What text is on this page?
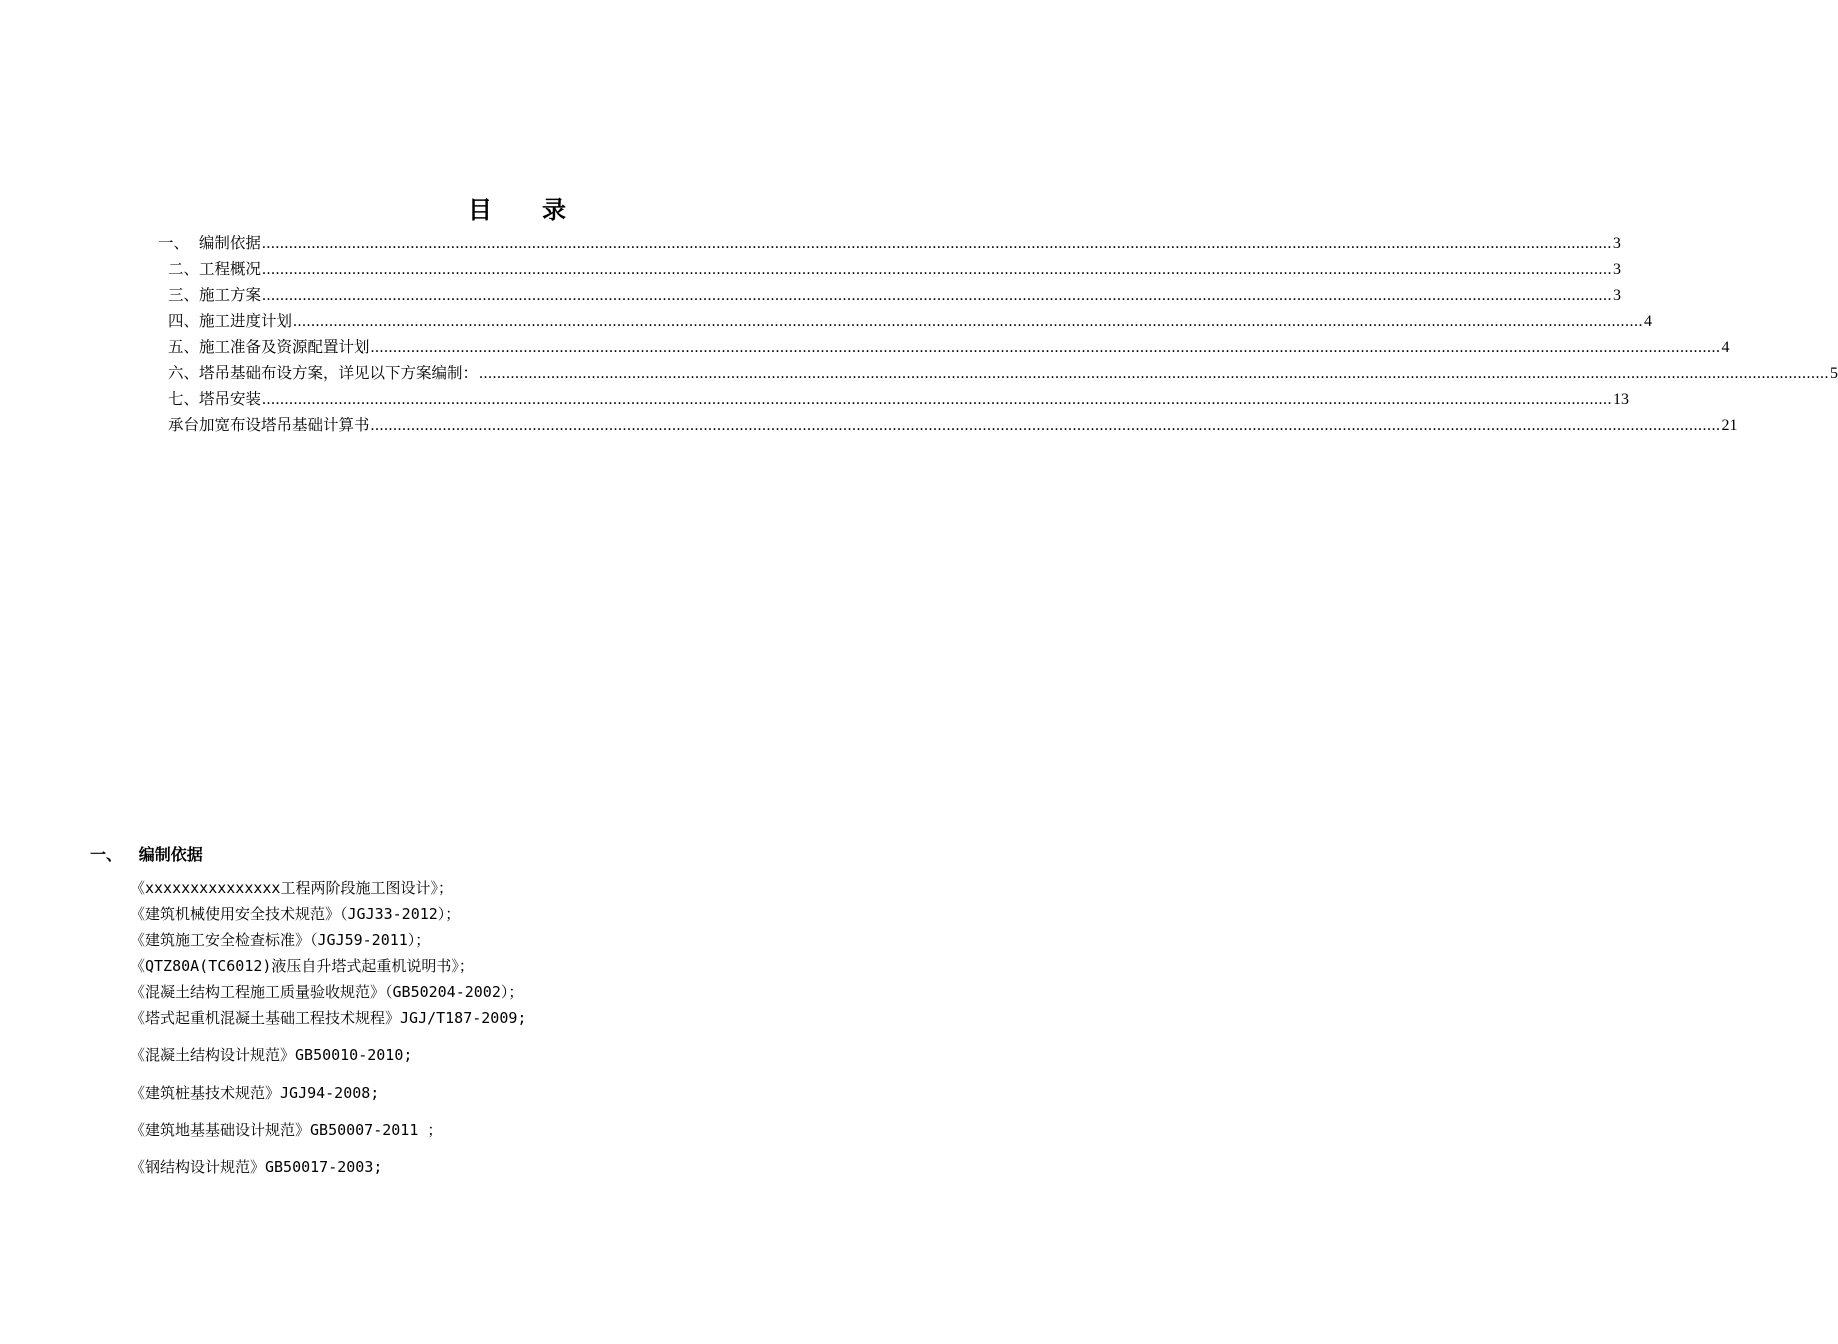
目 录
一、  编制依据 ............................................................................................................................................................................................................................................................................................................ 3
二、工程概况 ............................................................................................................................................................................................................................................................................................................ 3
三、施工方案 ............................................................................................................................................................................................................................................................................................................ 3
四、施工进度计划 ............................................................................................................................................................................................................................................................................................................ 4
五、施工准备及资源配置计划 ............................................................................................................................................................................................................................................................................................................ 4
六、塔吊基础布设方案，详见以下方案编制： ............................................................................................................................................................................................................................................................................................................ 5
七、塔吊安装 ............................................................................................................................................................................................................................................................................................................ 13
承台加宽布设塔吊基础计算书 ............................................................................................................................................................................................................................................................................................................ 21
一、   编制依据
《xxxxxxxxxxxxxxx工程两阶段施工图设计》；
《建筑机械使用安全技术规范》（JGJ33-2012）；
《建筑施工安全检查标准》（JGJ59-2011）；
《QTZ80A(TC6012)液压自升塔式起重机说明书》；
《混凝土结构工程施工质量验收规范》（GB50204-2002）；
《塔式起重机混凝土基础工程技术规程》JGJ/T187-2009;
《混凝土结构设计规范》GB50010-2010;
《建筑桩基技术规范》JGJ94-2008;
《建筑地基基础设计规范》GB50007-2011 ；
《钢结构设计规范》GB50017-2003;
